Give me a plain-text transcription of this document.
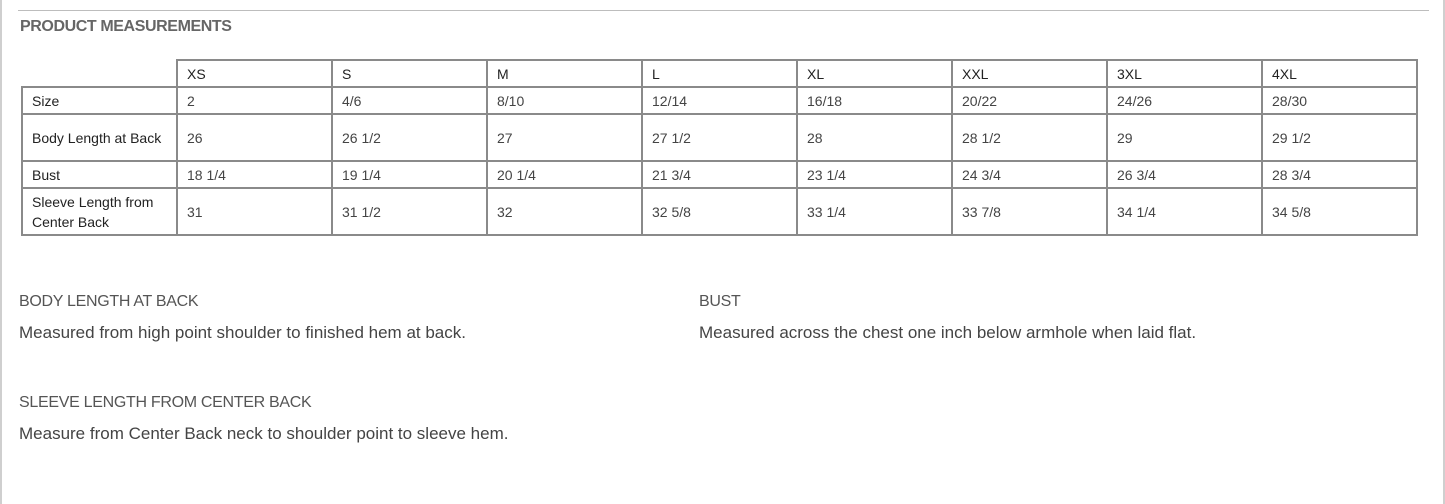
PRODUCT MEASUREMENTS
	XS	S	M	L	XL	XXL	3XL	4XL
Size	2	4/6	8/10	12/14	16/18	20/22	24/26	28/30
Body Length at Back	26	26 1/2	27	27 1/2	28	28 1/2	29	29 1/2
Bust	18 1/4	19 1/4	20 1/4	21 3/4	23 1/4	24 3/4	26 3/4	28 3/4
Sleeve Length from Center Back	31	31 1/2	32	32 5/8	33 1/4	33 7/8	34 1/4	34 5/8
BODY LENGTH AT BACK
Measured from high point shoulder to finished hem at back.
BUST
Measured across the chest one inch below armhole when laid flat.
SLEEVE LENGTH FROM CENTER BACK
Measure from Center Back neck to shoulder point to sleeve hem.
